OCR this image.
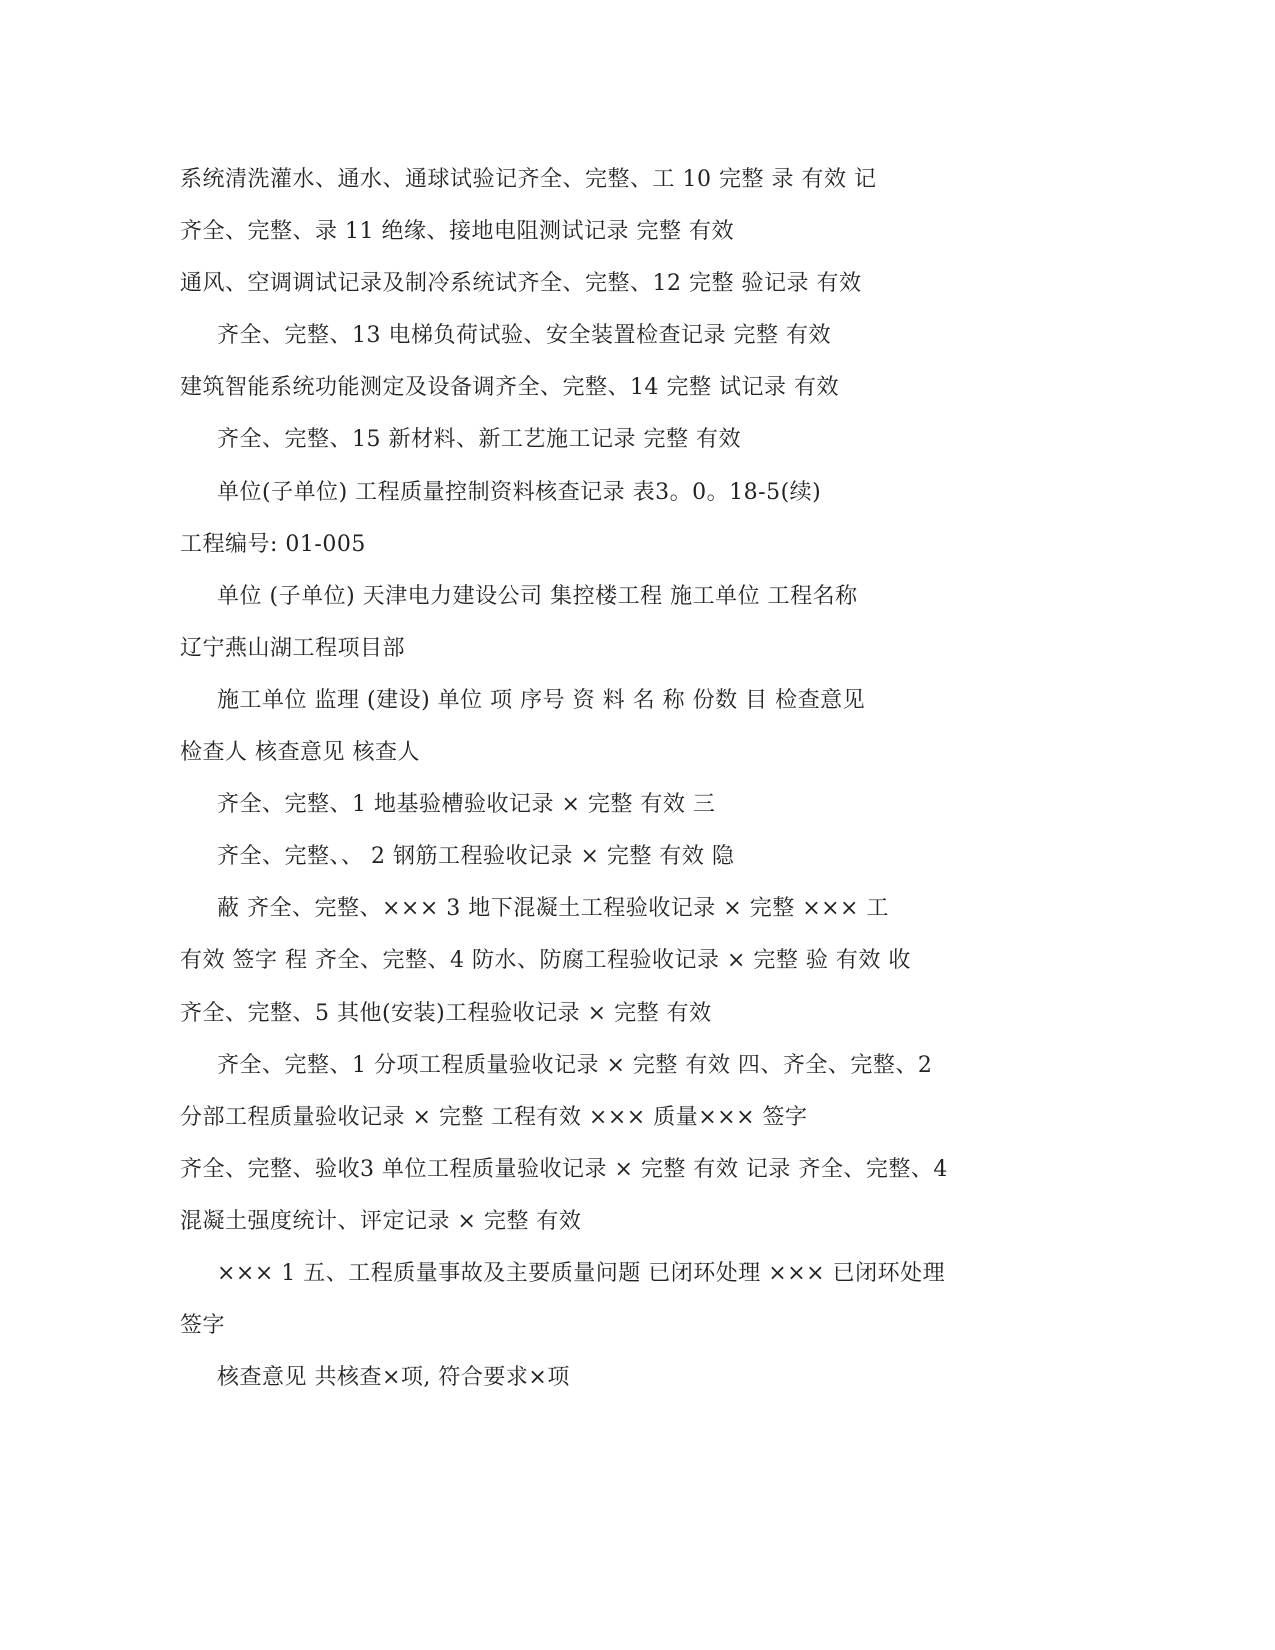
系统清洗灌水、通水、通球试验记齐全、完整、工 10 完整 录 有效 记
齐全、完整、录 11 绝缘、接地电阻测试记录 完整 有效
通风、空调调试记录及制冷系统试齐全、完整、12 完整 验记录 有效
齐全、完整、13 电梯负荷试验、安全装置检查记录 完整 有效
建筑智能系统功能测定及设备调齐全、完整、14 完整 试记录 有效
齐全、完整、15 新材料、新工艺施工记录 完整 有效
单位(子单位) 工程质量控制资料核查记录 表3。0。18-5(续)
工程编号: 01-005
单位 (子单位) 天津电力建设公司 集控楼工程 施工单位 工程名称
辽宁燕山湖工程项目部
施工单位 监理 (建设) 单位 项 序号 资 料 名 称 份数 目 检查意见
检查人 核查意见 核查人
齐全、完整、1 地基验槽验收记录 × 完整 有效 三
齐全、完整、、 2 钢筋工程验收记录 × 完整 有效 隐
蔽 齐全、完整、××× 3 地下混凝土工程验收记录 × 完整 ××× 工
有效 签字 程 齐全、完整、4 防水、防腐工程验收记录 × 完整 验 有效 收
齐全、完整、5 其他(安装)工程验收记录 × 完整 有效
齐全、完整、1 分项工程质量验收记录 × 完整 有效 四、齐全、完整、2
分部工程质量验收记录 × 完整 工程有效 ××× 质量××× 签字
齐全、完整、验收3 单位工程质量验收记录 × 完整 有效 记录 齐全、完整、4
混凝土强度统计、评定记录 × 完整 有效
××× 1 五、工程质量事故及主要质量问题 已闭环处理 ××× 已闭环处理
签字
核查意见 共核查×项, 符合要求×项
